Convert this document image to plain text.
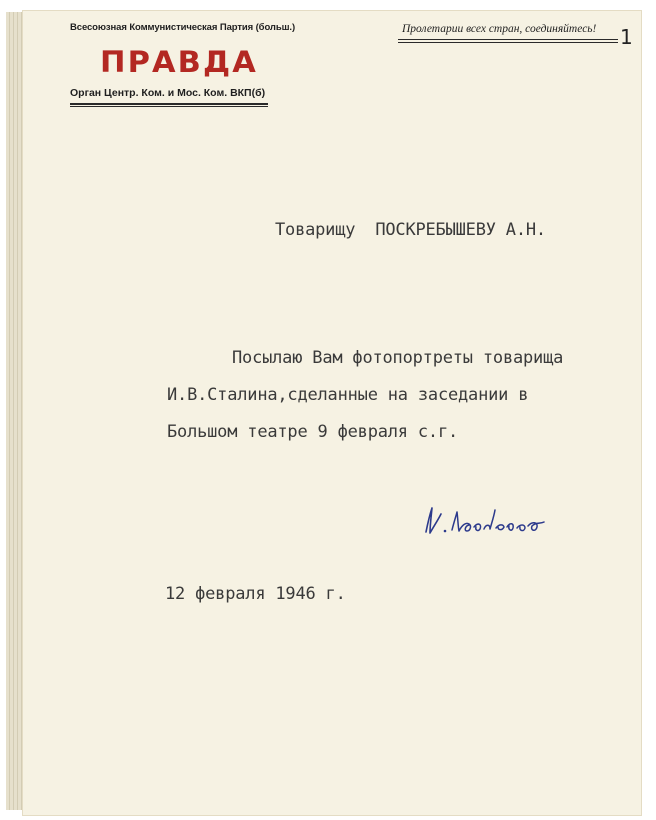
Всесоюзная Коммунистическая Партия (больш.)
ПРАВДА
Орган Центр. Ком. и Мос. Ком. ВКП(б)
Пролетарии всех стран, соединяйтесь! 1
Товарищу  ПОСКРЕБЫШЕВУ А.Н.
Посылаю Вам фотопортреты товарища
И.В.Сталина,сделанные на заседании в
Большом театре 9 февраля с.г.
12 февраля 1946 г.
